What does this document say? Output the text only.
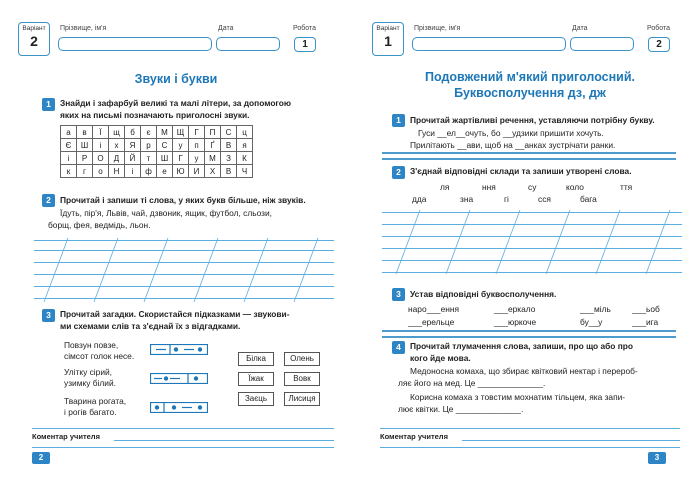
Варіант
2
Прізвище, ім'я	Дата	Робота
1
Звуки і букви
1	Знайди і зафарбуй великі та малі літери, за допомогою
яких на письмі позначають приголосні звуки.
а	в	Ї	щ	б	є	М	Щ	Г	П	С	ц
Є	Ш	і	х	Я	р	С	у	п	Ґ	В	я
і	Р	О	Д	Й	т	Ш	Г	у	М	З	К
к	г	о	Н	і	ф	е	Ю	И	Х	В	Ч
2	Прочитай і запиши ті слова, у яких букв більше, ніж звуків.
Їдуть, пір'я, Львів, чай, дзвоник, ящик, футбол, сльози,
борщ, фея, ведмідь, льон.
3	Прочитай загадки. Скористайся підказками — звукови-
ми схемами слів та з'єднай їх з відгадками.
Повзун повзе,
сімсот голок несе.
Улітку сірий,
узимку білий.
Тварина рогата,
і рогів багато.
Білка	Олень
Їжак	Вовк
Заєць	Лисиця
Коментар учителя
2
Варіант
1
Прізвище, ім'я	Дата	Робота
2
Подовжений м'який приголосний.
Буквосполучення дз, дж
1	Прочитай жартівливі речення, уставляючи потрібну букву.
Гуси __ел__очуть, бо __удзики пришити хочуть.
Прилітають __ави, щоб на __анках зустрічати ранки.
2	З'єднай відповідні склади та запиши утворені слова.
ля	ння	су	коло	ття
дда	зна	гі	сся	бага
3	Устав відповідні буквосполучення.
наро___ення	___еркало	___міль	___ьоб
___ерельце	___юркоче	бу__у	___ига
4	Прочитай тлумачення слова, запиши, про що або про
кого йде мова.
Медоносна комаха, що збирає квітковий нектар і перероб-
ляє його на мед. Це ______________.
Корисна комаха з товстим мохнатим тільцем, яка запи-
лює квітки. Це ______________.
Коментар учителя
3
